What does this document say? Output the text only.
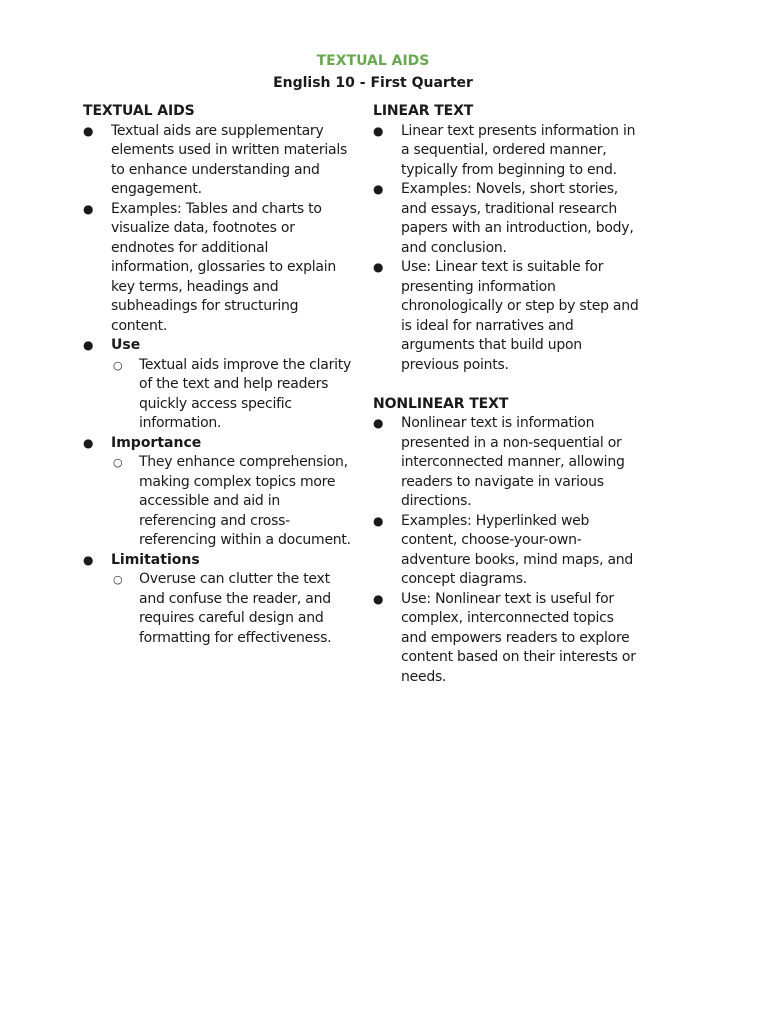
TEXTUAL AIDS
English 10 - First Quarter
TEXTUAL AIDS
● Textual aids are supplementary elements used in written materials to enhance understanding and engagement.
● Examples: Tables and charts to visualize data, footnotes or endnotes for additional information, glossaries to explain key terms, headings and subheadings for structuring content.
● Use
○ Textual aids improve the clarity of the text and help readers quickly access specific information.
● Importance
○ They enhance comprehension, making complex topics more accessible and aid in referencing and cross-referencing within a document.
● Limitations
○ Overuse can clutter the text and confuse the reader, and requires careful design and formatting for effectiveness.
LINEAR TEXT
● Linear text presents information in a sequential, ordered manner, typically from beginning to end.
● Examples: Novels, short stories, and essays, traditional research papers with an introduction, body, and conclusion.
● Use: Linear text is suitable for presenting information chronologically or step by step and is ideal for narratives and arguments that build upon previous points.
NONLINEAR TEXT
● Nonlinear text is information presented in a non-sequential or interconnected manner, allowing readers to navigate in various directions.
● Examples: Hyperlinked web content, choose-your-own-adventure books, mind maps, and concept diagrams.
● Use: Nonlinear text is useful for complex, interconnected topics and empowers readers to explore content based on their interests or needs.
